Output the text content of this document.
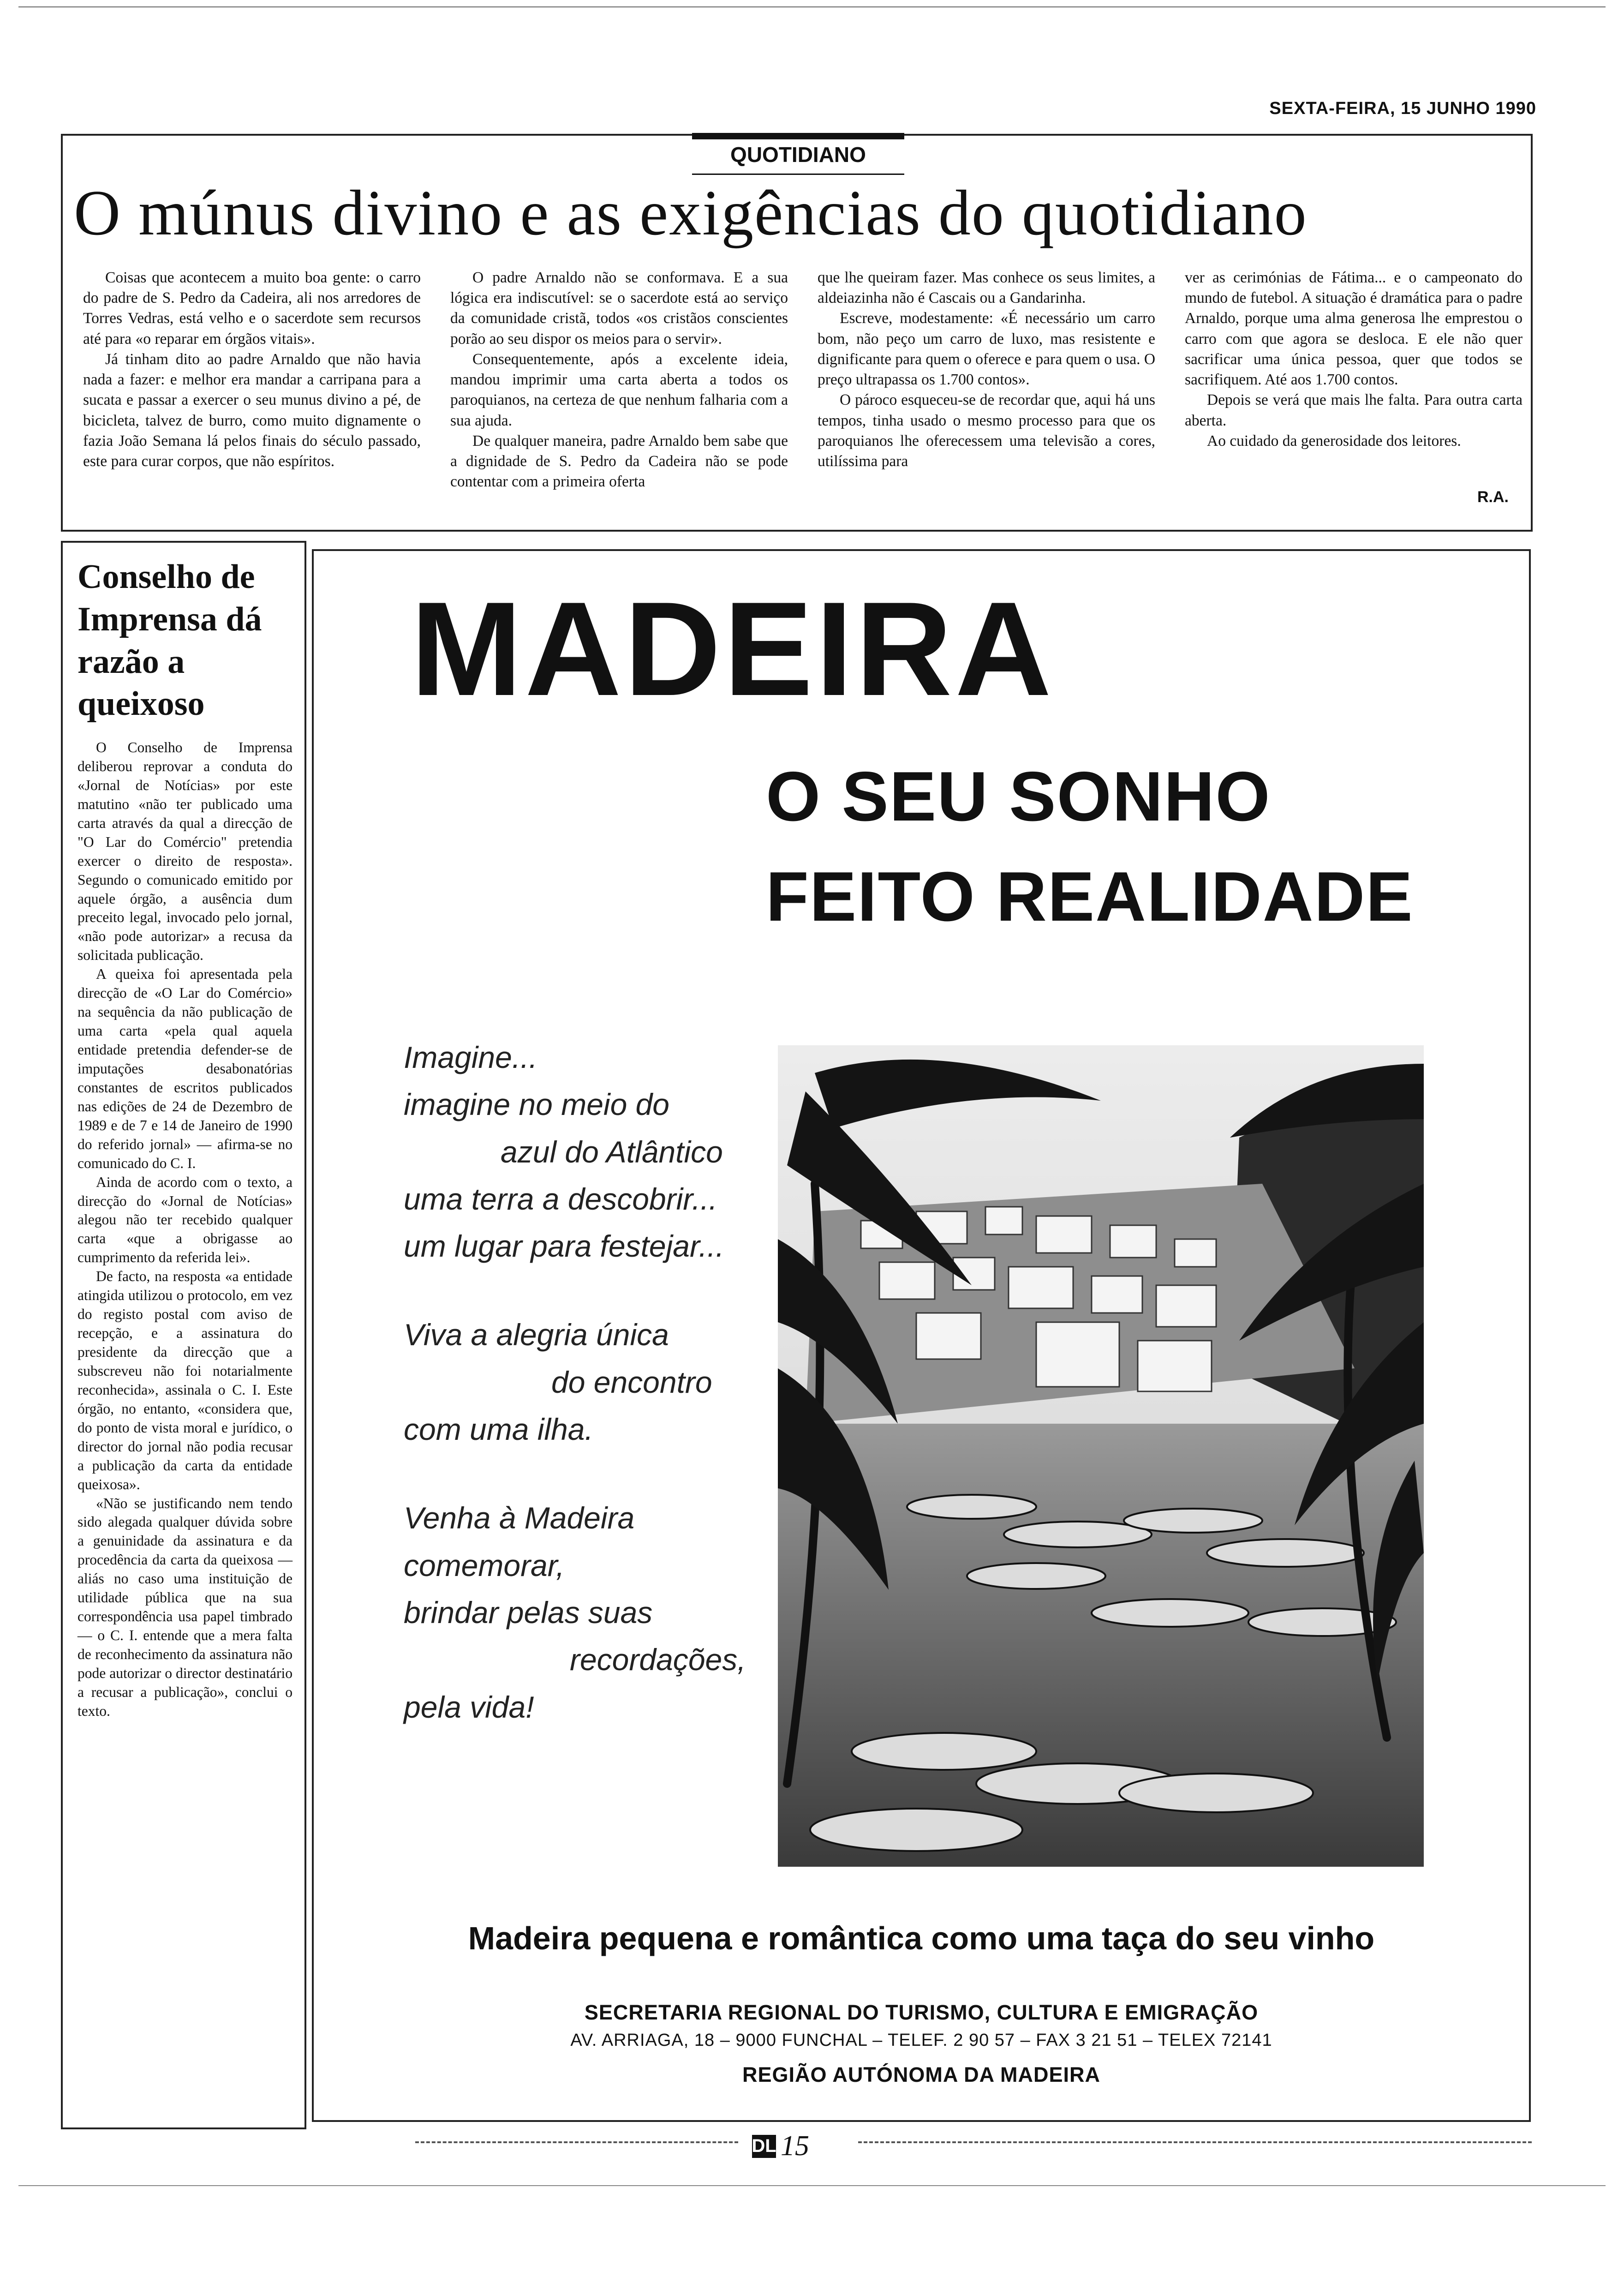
SEXTA-FEIRA, 15 JUNHO 1990
QUOTIDIANO
O múnus divino e as exigências do quotidiano

Coisas que acontecem a muito boa gente: o carro do padre de S. Pedro da Cadeira, ali nos arredores de Torres Vedras, está velho e o sacerdote sem recursos até para «o reparar em órgãos vitais».

Já tinham dito ao padre Arnaldo que não havia nada a fazer: e melhor era mandar a carripana para a sucata e passar a exercer o seu munus divino a pé, de bicicleta, talvez de burro, como muito dignamente o fazia João Semana lá pelos finais do século passado, este para curar corpos, que não espíritos.

O padre Arnaldo não se conformava. E a sua lógica era indiscutível: se o sacerdote está ao serviço da comunidade cristã, todos «os cristãos conscientes porão ao seu dispor os meios para o servir».

Consequentemente, após a excelente ideia, mandou imprimir uma carta aberta a todos os paroquianos, na certeza de que nenhum falharia com a sua ajuda.

De qualquer maneira, padre Arnaldo bem sabe que a dignidade de S. Pedro da Cadeira não se pode contentar com a primeira oferta

que lhe queiram fazer. Mas conhece os seus limites, a aldeiazinha não é Cascais ou a Gandarinha.

Escreve, modestamente: «É necessário um carro bom, não peço um carro de luxo, mas resistente e dignificante para quem o oferece e para quem o usa. O preço ultrapassa os 1.700 contos».

O pároco esqueceu-se de recordar que, aqui há uns tempos, tinha usado o mesmo processo para que os paroquianos lhe oferecessem uma televisão a cores, utilíssima para

ver as cerimónias de Fátima... e o campeonato do mundo de futebol. A situação é dramática para o padre Arnaldo, porque uma alma generosa lhe emprestou o carro com que agora se desloca. E ele não quer sacrificar uma única pessoa, quer que todos se sacrifiquem. Até aos 1.700 contos.

Depois se verá que mais lhe falta. Para outra carta aberta.

Ao cuidado da generosidade dos leitores.

R.A.
Conselho de Imprensa dá razão a queixoso

O Conselho de Imprensa deliberou reprovar a conduta do «Jornal de Notícias» por este matutino «não ter publicado uma carta através da qual a direcção de "O Lar do Comércio" pretendia exercer o direito de resposta». Segundo o comunicado emitido por aquele órgão, a ausência dum preceito legal, invocado pelo jornal, «não pode autorizar» a recusa da solicitada publicação.

A queixa foi apresentada pela direcção de «O Lar do Comércio» na sequência da não publicação de uma carta «pela qual aquela entidade pretendia defender-se de imputações desabonatórias constantes de escritos publicados nas edições de 24 de Dezembro de 1989 e de 7 e 14 de Janeiro de 1990 do referido jornal» — afirma-se no comunicado do C. I.

Ainda de acordo com o texto, a direcção do «Jornal de Notícias» alegou não ter recebido qualquer carta «que a obrigasse ao cumprimento da referida lei».

De facto, na resposta «a entidade atingida utilizou o protocolo, em vez do registo postal com aviso de recepção, e a assinatura do presidente da direcção que a subscreveu não foi notarialmente reconhecida», assinala o C. I. Este órgão, no entanto, «considera que, do ponto de vista moral e jurídico, o director do jornal não podia recusar a publicação da carta da entidade queixosa».

«Não se justificando nem tendo sido alegada qualquer dúvida sobre a genuinidade da assinatura e da procedência da carta da queixosa — aliás no caso uma instituição de utilidade pública que na sua correspondência usa papel timbrado — o C. I. entende que a mera falta de reconhecimento da assinatura não pode autorizar o director destinatário a recusar a publicação», conclui o texto.

MADEIRA
O SEU SONHO
FEITO REALIDADE
Imagine...
imagine no meio do
azul do Atlântico
uma terra a descobrir...
um lugar para festejar...
Viva a alegria única
do encontro
com uma ilha.
Venha à Madeira
comemorar,
brindar pelas suas
recordações,
pela vida!
Madeira pequena e romântica como uma taça do seu vinho
SECRETARIA REGIONAL DO TURISMO, CULTURA E EMIGRAÇÃO
AV. ARRIAGA, 18 – 9000 FUNCHAL – TELEF. 2 90 57 – FAX 3 21 51 – TELEX 72141
REGIÃO AUTÓNOMA DA MADEIRA
DL 15
